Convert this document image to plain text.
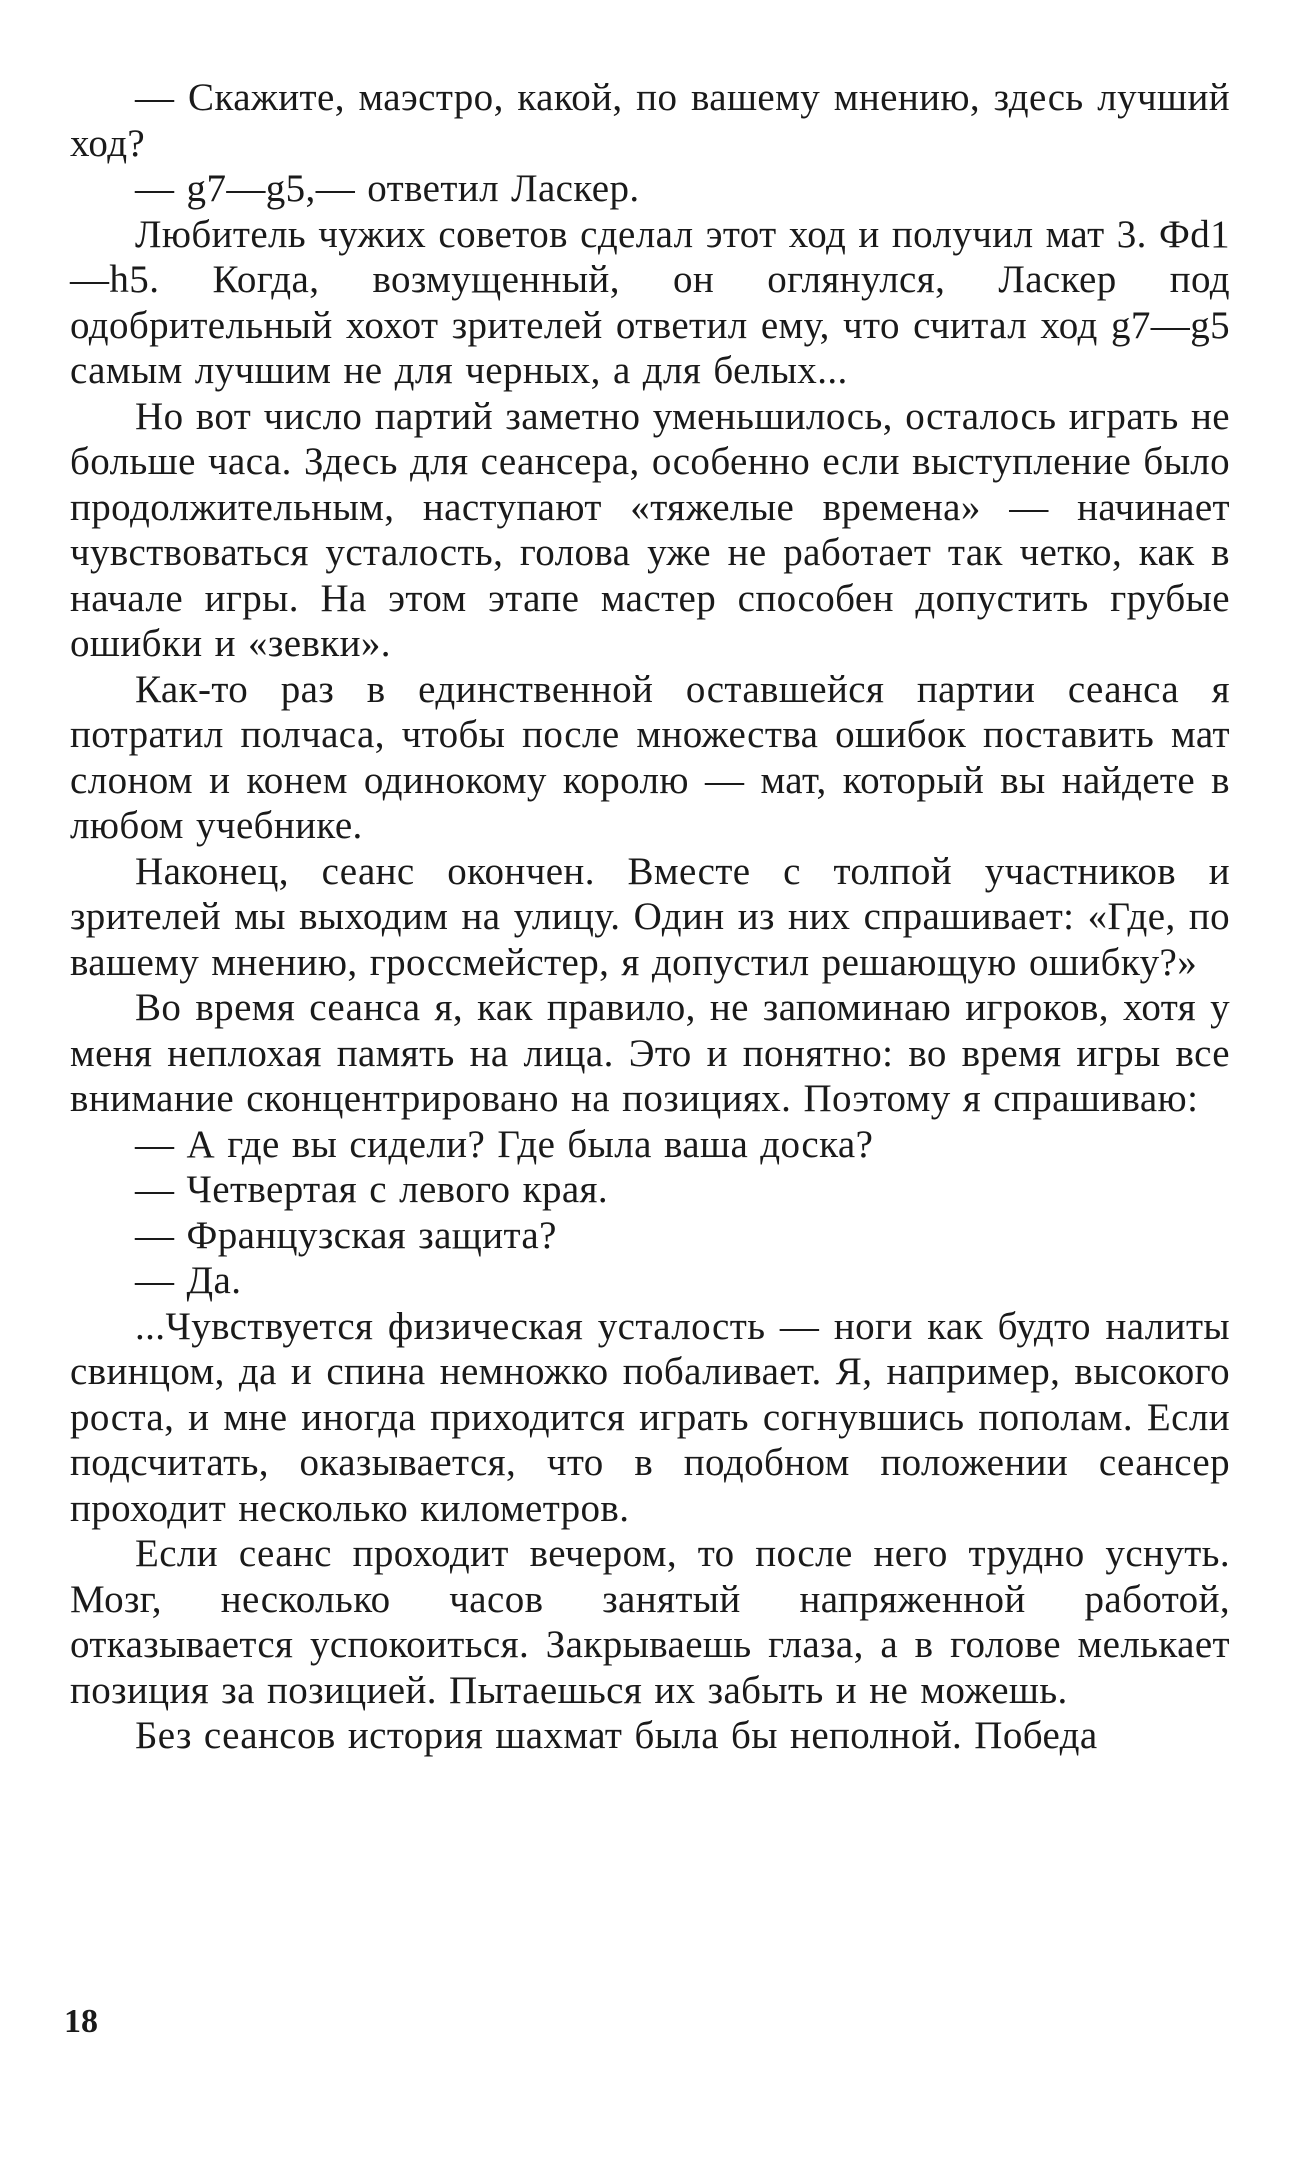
— Скажите, маэстро, какой, по вашему мнению, здесь лучший ход?

— g7—g5,— ответил Ласкер.

Любитель чужих советов сделал этот ход и получил мат 3. Фd1—h5. Когда, возмущенный, он оглянулся, Ласкер под одобрительный хохот зрителей ответил ему, что считал ход g7—g5 самым лучшим не для черных, а для белых...

Но вот число партий заметно уменьшилось, осталось играть не больше часа. Здесь для сеансера, особенно если выступление было продолжительным, наступают «тяжелые времена» — начинает чувствоваться усталость, голова уже не работает так четко, как в начале игры. На этом этапе мастер способен допустить грубые ошибки и «зевки».

Как-то раз в единственной оставшейся партии сеанса я потратил полчаса, чтобы после множества ошибок поставить мат слоном и конем одинокому королю — мат, который вы найдете в любом учебнике.

Наконец, сеанс окончен. Вместе с толпой участников и зрителей мы выходим на улицу. Один из них спрашивает: «Где, по вашему мнению, гроссмейстер, я допустил решающую ошибку?»

Во время сеанса я, как правило, не запоминаю игроков, хотя у меня неплохая память на лица. Это и понятно: во время игры все внимание сконцентрировано на позициях. Поэтому я спрашиваю:

— А где вы сидели? Где была ваша доска?

— Четвертая с левого края.

— Французская защита?

— Да.

...Чувствуется физическая усталость — ноги как будто налиты свинцом, да и спина немножко побаливает. Я, например, высокого роста, и мне иногда приходится играть согнувшись пополам. Если подсчитать, оказывается, что в подобном положении сеансер проходит несколько километров.

Если сеанс проходит вечером, то после него трудно уснуть. Мозг, несколько часов занятый напряженной работой, отказывается успокоиться. Закрываешь глаза, а в голове мелькает позиция за позицией. Пытаешься их забыть и не можешь.

Без сеансов история шахмат была бы неполной. Победа

18
